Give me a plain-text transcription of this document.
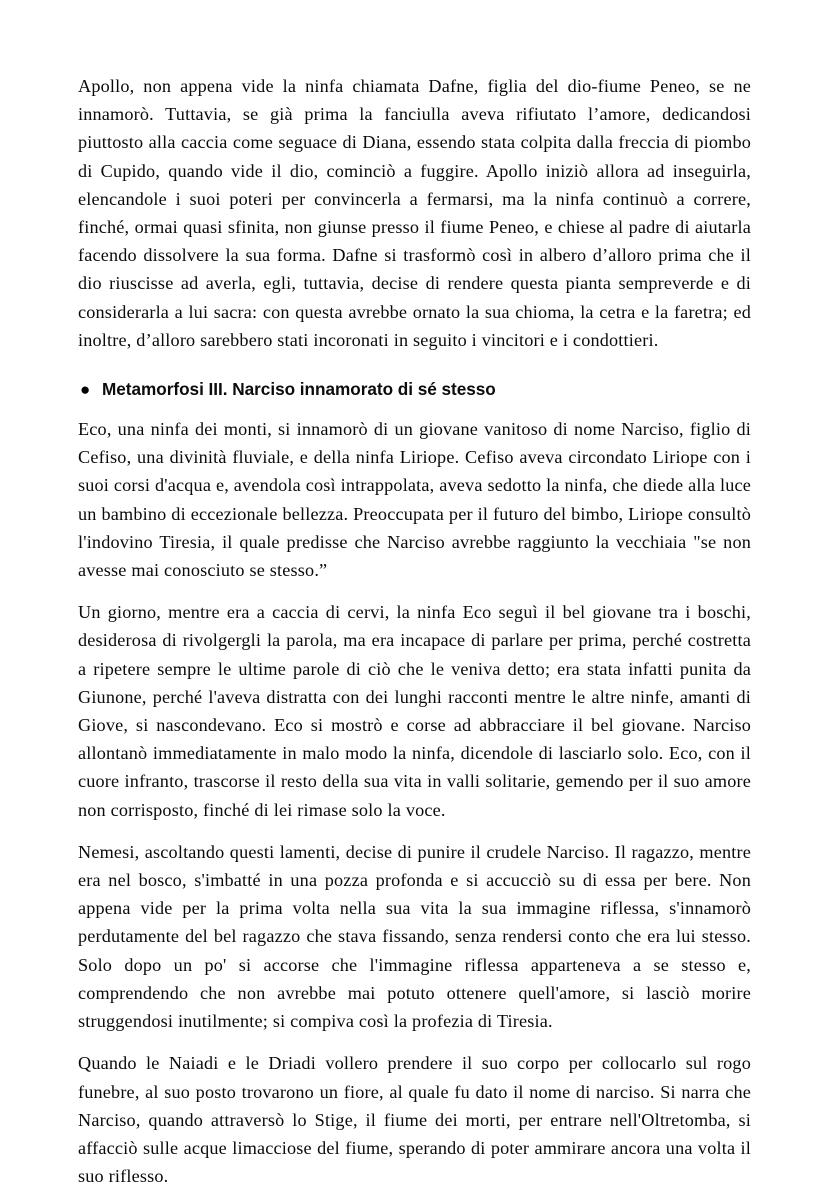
Apollo, non appena vide la ninfa chiamata Dafne, figlia del dio-fiume Peneo, se ne innamorò. Tuttavia, se già prima la fanciulla aveva rifiutato l’amore, dedicandosi piuttosto alla caccia come seguace di Diana, essendo stata colpita dalla freccia di piombo di Cupido, quando vide il dio, cominciò a fuggire. Apollo iniziò allora ad inseguirla, elencandole i suoi poteri per convincerla a fermarsi, ma la ninfa continuò a correre, finché, ormai quasi sfinita, non giunse presso il fiume Peneo, e chiese al padre di aiutarla facendo dissolvere la sua forma. Dafne si trasformò così in albero d’alloro prima che il dio riuscisse ad averla, egli, tuttavia, decise di rendere questa pianta sempreverde e di considerarla a lui sacra: con questa avrebbe ornato la sua chioma, la cetra e la faretra; ed inoltre, d’alloro sarebbero stati incoronati in seguito i vincitori e i condottieri.

● Metamorfosi III. Narciso innamorato di sé stesso

Eco, una ninfa dei monti, si innamorò di un giovane vanitoso di nome Narciso, figlio di Cefiso, una divinità fluviale, e della ninfa Liriope. Cefiso aveva circondato Liriope con i suoi corsi d'acqua e, avendola così intrappolata, aveva sedotto la ninfa, che diede alla luce un bambino di eccezionale bellezza. Preoccupata per il futuro del bimbo, Liriope consultò l'indovino Tiresia, il quale predisse che Narciso avrebbe raggiunto la vecchiaia "se non avesse mai conosciuto se stesso.”

Un giorno, mentre era a caccia di cervi, la ninfa Eco seguì il bel giovane tra i boschi, desiderosa di rivolgergli la parola, ma era incapace di parlare per prima, perché costretta a ripetere sempre le ultime parole di ciò che le veniva detto; era stata infatti punita da Giunone, perché l'aveva distratta con dei lunghi racconti mentre le altre ninfe, amanti di Giove, si nascondevano. Eco si mostrò e corse ad abbracciare il bel giovane. Narciso allontanò immediatamente in malo modo la ninfa, dicendole di lasciarlo solo. Eco, con il cuore infranto, trascorse il resto della sua vita in valli solitarie, gemendo per il suo amore non corrisposto, finché di lei rimase solo la voce.

Nemesi, ascoltando questi lamenti, decise di punire il crudele Narciso. Il ragazzo, mentre era nel bosco, s'imbatté in una pozza profonda e si accucciò su di essa per bere. Non appena vide per la prima volta nella sua vita la sua immagine riflessa, s'innamorò perdutamente del bel ragazzo che stava fissando, senza rendersi conto che era lui stesso. Solo dopo un po' si accorse che l'immagine riflessa apparteneva a se stesso e, comprendendo che non avrebbe mai potuto ottenere quell'amore, si lasciò morire struggendosi inutilmente; si compiva così la profezia di Tiresia.

Quando le Naiadi e le Driadi vollero prendere il suo corpo per collocarlo sul rogo funebre, al suo posto trovarono un fiore, al quale fu dato il nome di narciso. Si narra che Narciso, quando attraversò lo Stige, il fiume dei morti, per entrare nell'Oltretomba, si affacciò sulle acque limacciose del fiume, sperando di poter ammirare ancora una volta il suo riflesso.
